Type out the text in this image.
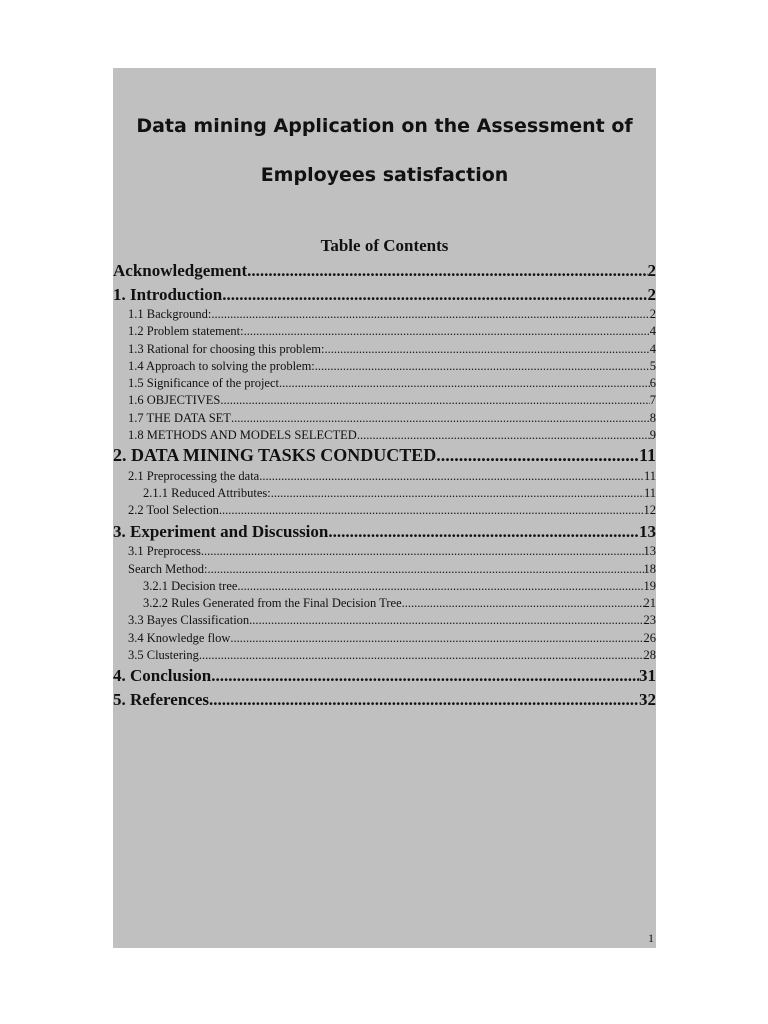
Data mining Application on the Assessment of
Employees satisfaction
Table of Contents
Acknowledgement .....	2
1. Introduction .....	2
1.1 Background: .....	2
1.2 Problem statement: .....	4
1.3 Rational for choosing this problem: .....	4
1.4 Approach to solving the problem: .....	5
1.5 Significance of the project .....	6
1.6 OBJECTIVES .....	7
1.7 THE DATA SET .....	8
1.8 METHODS AND MODELS SELECTED .....	9
2. DATA MINING TASKS CONDUCTED .....	11
2.1 Preprocessing the data .....	11
2.1.1 Reduced Attributes: .....	11
2.2 Tool Selection .....	12
3. Experiment and Discussion .....	13
3.1 Preprocess .....	13
Search Method: .....	18
3.2.1 Decision tree .....	19
3.2.2 Rules Generated from the Final Decision Tree .....	21
3.3 Bayes Classification .....	23
3.4 Knowledge flow .....	26
3.5 Clustering .....	28
4. Conclusion .....	31
5. References .....	32
1
